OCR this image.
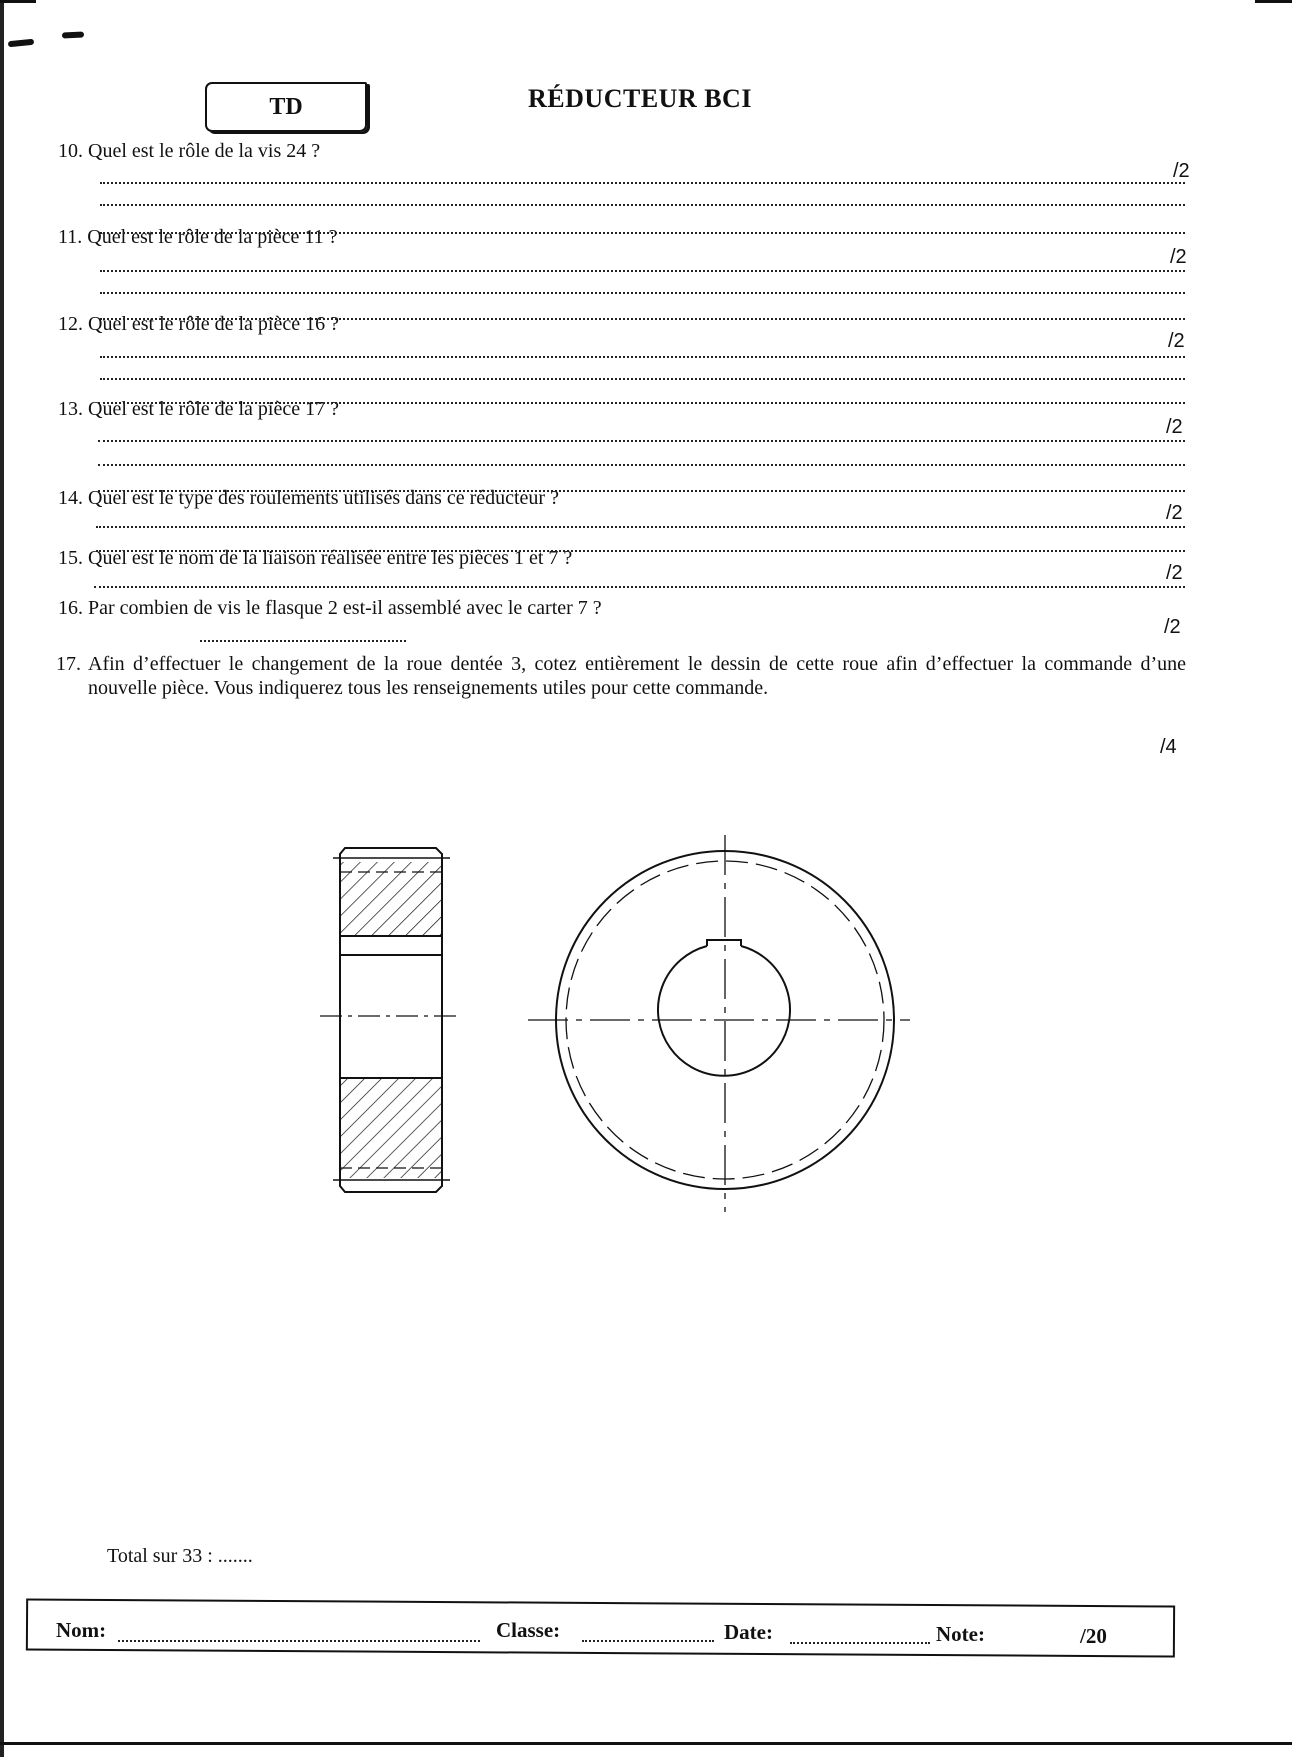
TD	RÉDUCTEUR BCI
10. Quel est le rôle de la vis 24 ?
/2
11. Quel est le rôle de la pièce 11 ?
/2
12. Quel est le rôle de la pièce 16 ?
/2
13. Quel est le rôle de la pièce 17 ?
/2
14. Quel est le type des roulements utilisés dans ce réducteur ?
/2
15. Quel est le nom de la liaison réalisée entre les pièces 1 et 7 ?
/2
16. Par combien de vis le flasque 2 est-il assemblé avec le carter 7 ?
/2
17. Afin d’effectuer le changement de la roue dentée 3, cotez entièrement le dessin de cette roue afin d’effectuer la commande d’une nouvelle pièce. Vous indiquerez tous les renseignements utiles pour cette commande.
/4
Total sur 33 : .......
Nom:	Classe:	Date:	Note:	/20
